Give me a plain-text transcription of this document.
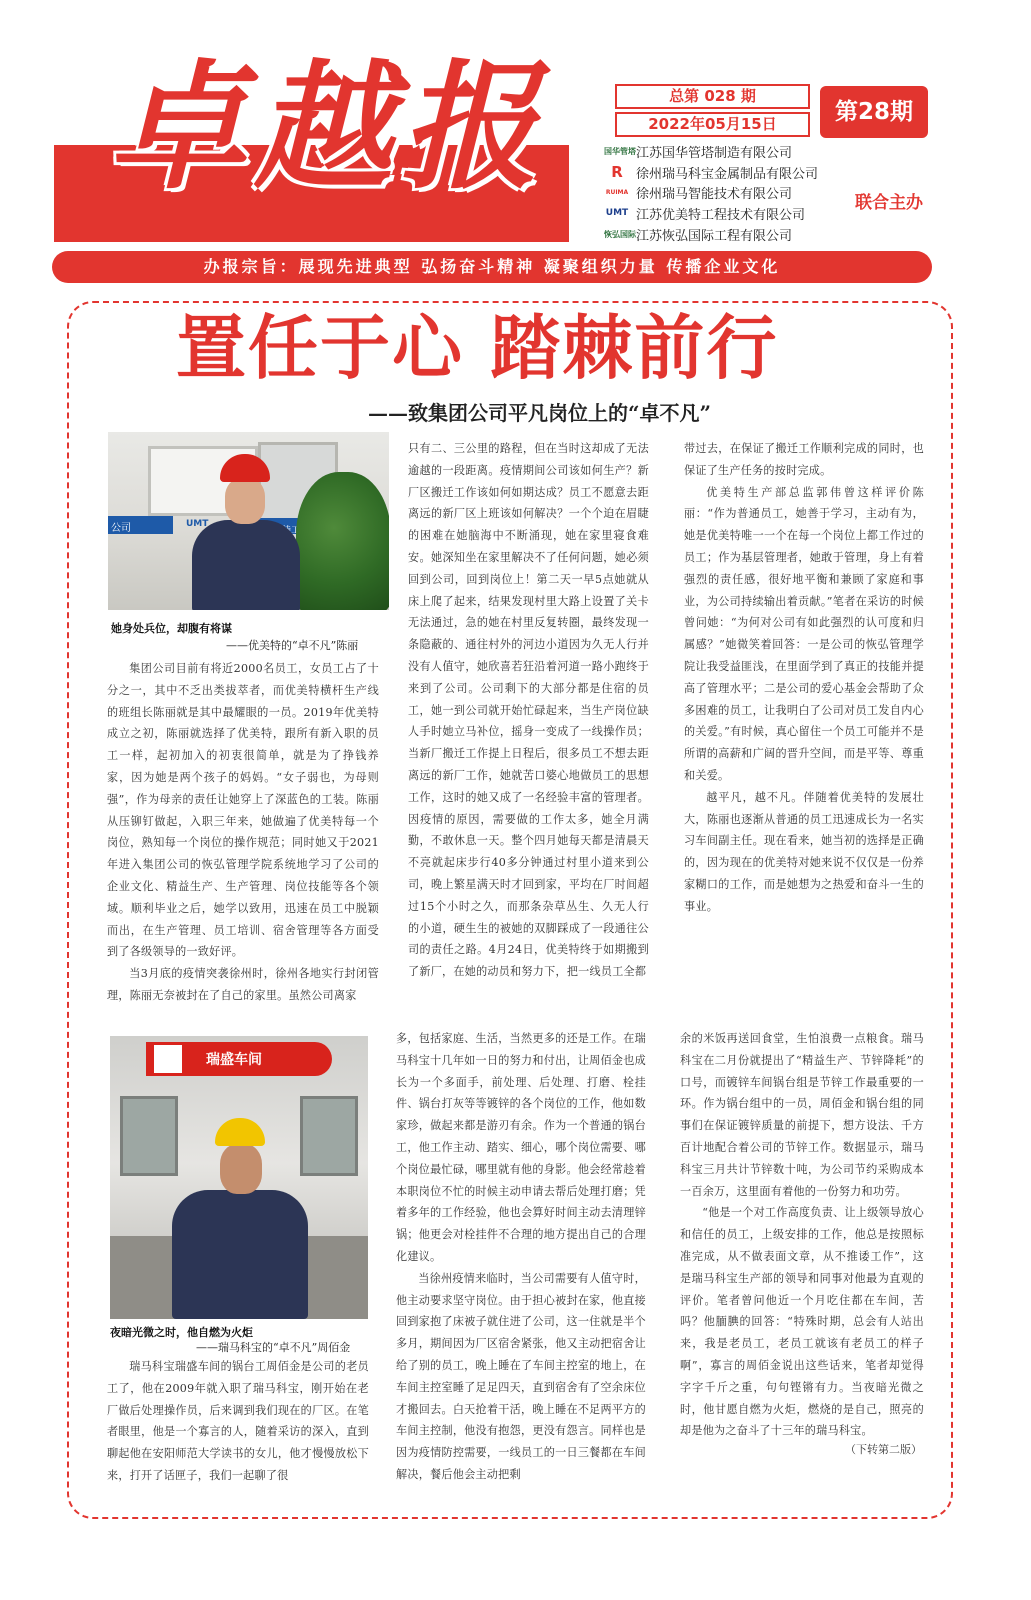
卓越报	总第 028 期
2022年05月15日	第28期
国华管塔 江苏国华管塔制造有限公司
R	徐州瑞马科宝金属制品有限公司
RUIMA 徐州瑞马智能技术有限公司
UMT 江苏优美特工程技术有限公司
恢弘国际 江苏恢弘国际工程有限公司
联合主办
办报宗旨：展现先进典型 弘扬奋斗精神 凝聚组织力量 传播企业文化
置任于心 踏棘前行
——致集团公司平凡岗位上的“卓不凡”
公司	UMT
她身处兵位，却腹有将谋
——优美特的“卓不凡”陈丽

集团公司目前有将近2000名员工，女员工占了十分之一，其中不乏出类拔萃者，而优美特横杆生产线的班组长陈丽就是其中最耀眼的一员。2019年优美特成立之初，陈丽就选择了优美特，跟所有新入职的员工一样，起初加入的初衷很简单，就是为了挣钱养家，因为她是两个孩子的妈妈。“女子弱也，为母则强”，作为母亲的责任让她穿上了深蓝色的工装。陈丽从压铆钉做起，入职三年来，她做遍了优美特每一个岗位，熟知每一个岗位的操作规范；同时她又于2021年进入集团公司的恢弘管理学院系统地学习了公司的企业文化、精益生产、生产管理、岗位技能等各个领域。顺利毕业之后，她学以致用，迅速在员工中脱颖而出，在生产管理、员工培训、宿舍管理等各方面受到了各级领导的一致好评。

当3月底的疫情突袭徐州时，徐州各地实行封闭管理，陈丽无奈被封在了自己的家里。虽然公司离家

只有二、三公里的路程，但在当时这却成了无法逾越的一段距离。疫情期间公司该如何生产？新厂区搬迁工作该如何如期达成？员工不愿意去距离远的新厂区上班该如何解决？一个个迫在眉睫的困难在她脑海中不断涌现，她在家里寝食难安。她深知坐在家里解决不了任何问题，她必须回到公司，回到岗位上！第二天一早5点她就从床上爬了起来，结果发现村里大路上设置了关卡无法通过，急的她在村里反复转圈，最终发现一条隐蔽的、通往村外的河边小道因为久无人行并没有人值守，她欣喜若狂沿着河道一路小跑终于来到了公司。公司剩下的大部分都是住宿的员工，她一到公司就开始忙碌起来，当生产岗位缺人手时她立马补位，摇身一变成了一线操作员；当新厂搬迁工作提上日程后，很多员工不想去距离远的新厂工作，她就苦口婆心地做员工的思想工作，这时的她又成了一名经验丰富的管理者。因疫情的原因，需要做的工作太多，她全月满勤，不敢休息一天。整个四月她每天都是清晨天不亮就起床步行40多分钟通过村里小道来到公司，晚上繁星满天时才回到家，平均在厂时间超过15个小时之久，而那条杂草丛生、久无人行的小道，硬生生的被她的双脚踩成了一段通往公司的责任之路。4月24日，优美特终于如期搬到了新厂，在她的动员和努力下，把一线员工全都

带过去，在保证了搬迁工作顺利完成的同时，也保证了生产任务的按时完成。

优美特生产部总监郭伟曾这样评价陈丽：“作为普通员工，她善于学习，主动有为，她是优美特唯一一个在每一个岗位上都工作过的员工；作为基层管理者，她敢于管理，身上有着强烈的责任感，很好地平衡和兼顾了家庭和事业，为公司持续输出着贡献。”笔者在采访的时候曾问她：“为何对公司有如此强烈的认可度和归属感？”她微笑着回答：一是公司的恢弘管理学院让我受益匪浅，在里面学到了真正的技能并提高了管理水平；二是公司的爱心基金会帮助了众多困难的员工，让我明白了公司对员工发自内心的关爱。”有时候，真心留住一个员工可能并不是所谓的高薪和广阔的晋升空间，而是平等、尊重和关爱。

越平凡，越不凡。伴随着优美特的发展壮大，陈丽也逐渐从普通的员工迅速成长为一名实习车间副主任。现在看来，她当初的选择是正确的，因为现在的优美特对她来说不仅仅是一份养家糊口的工作，而是她想为之热爱和奋斗一生的事业。

瑞盛车间
夜暗光微之时，他自燃为火炬
——瑞马科宝的“卓不凡”周佰金

瑞马科宝瑞盛车间的锅台工周佰金是公司的老员工了，他在2009年就入职了瑞马科宝，刚开始在老厂做后处理操作员，后来调到我们现在的厂区。在笔者眼里，他是一个寡言的人，随着采访的深入，直到聊起他在安阳师范大学读书的女儿，他才慢慢放松下来，打开了话匣子，我们一起聊了很

多，包括家庭、生活，当然更多的还是工作。在瑞马科宝十几年如一日的努力和付出，让周佰金也成长为一个多面手，前处理、后处理、打磨、栓挂件、锅台打灰等等镀锌的各个岗位的工作，他如数家珍，做起来都是游刃有余。作为一个普通的锅台工，他工作主动、踏实、细心，哪个岗位需要、哪个岗位最忙碌，哪里就有他的身影。他会经常趁着本职岗位不忙的时候主动申请去帮后处理打磨；凭着多年的工作经验，他也会算好时间主动去清理锌锅；他更会对栓挂件不合理的地方提出自己的合理化建议。

当徐州疫情来临时，当公司需要有人值守时，他主动要求坚守岗位。由于担心被封在家，他直接回到家抱了床被子就住进了公司，这一住就是半个多月，期间因为厂区宿舍紧张，他又主动把宿舍让给了别的员工，晚上睡在了车间主控室的地上，在车间主控室睡了足足四天，直到宿舍有了空余床位才搬回去。白天抢着干活，晚上睡在不足两平方的车间主控制，他没有抱怨，更没有怨言。同样也是因为疫情防控需要，一线员工的一日三餐都在车间解决，餐后他会主动把剩

余的米饭再送回食堂，生怕浪费一点粮食。瑞马科宝在二月份就提出了“精益生产、节锌降耗”的口号，而镀锌车间锅台组是节锌工作最重要的一环。作为锅台组中的一员，周佰金和锅台组的同事们在保证镀锌质量的前提下，想方设法、千方百计地配合着公司的节锌工作。数据显示，瑞马科宝三月共计节锌数十吨，为公司节约采购成本一百余万，这里面有着他的一份努力和功劳。

“他是一个对工作高度负责、让上级领导放心和信任的员工，上级安排的工作，他总是按照标准完成，从不做表面文章，从不推诿工作”，这是瑞马科宝生产部的领导和同事对他最为直观的评价。笔者曾问他近一个月吃住都在车间，苦吗？他腼腆的回答：“特殊时期，总会有人站出来，我是老员工，老员工就该有老员工的样子啊”，寡言的周佰金说出这些话来，笔者却觉得字字千斤之重，句句铿锵有力。当夜暗光微之时，他甘愿自燃为火炬，燃烧的是自己，照亮的却是他为之奋斗了十三年的瑞马科宝。

（下转第二版）
